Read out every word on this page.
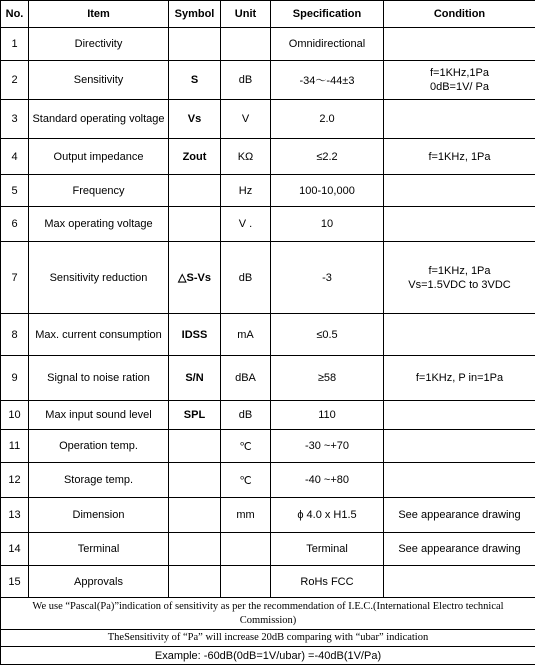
No.	Item	Symbol	Unit	Specification	Condition
1	Directivity			Omnidirectional	
2	Sensitivity	S	dB	-34～-44±3	f=1KHz,1Pa
0dB=1V/ Pa
3	Standard operating voltage	Vs	V	2.0	
4	Output impedance	Zout	KΩ	≤2.2	f=1KHz, 1Pa
5	Frequency		Hz	100-10,000	
6	Max operating voltage		V .	10	
7	Sensitivity reduction	△S-Vs	dB	-3	f=1KHz, 1Pa
Vs=1.5VDC to 3VDC
8	Max. current consumption	IDSS	mA	≤0.5	
9	Signal to noise ration	S/N	dBA	≥58	f=1KHz, P in=1Pa
10	Max input sound level	SPL	dB	110	
11	Operation temp.		℃	-30 ~+70	
12	Storage temp.		℃	-40 ~+80	
13	Dimension		mm	ϕ 4.0 x H1.5	See appearance drawing
14	Terminal			Terminal	See appearance drawing
15	Approvals			RoHs FCC	
We use “Pascal(Pa)”indication of sensitivity as per the recommendation of I.E.C.(International Electro technical Commission)					
TheSensitivity of “Pa” will increase 20dB comparing with “ubar” indication					
Example: -60dB(0dB=1V/ubar) =-40dB(1V/Pa)					
